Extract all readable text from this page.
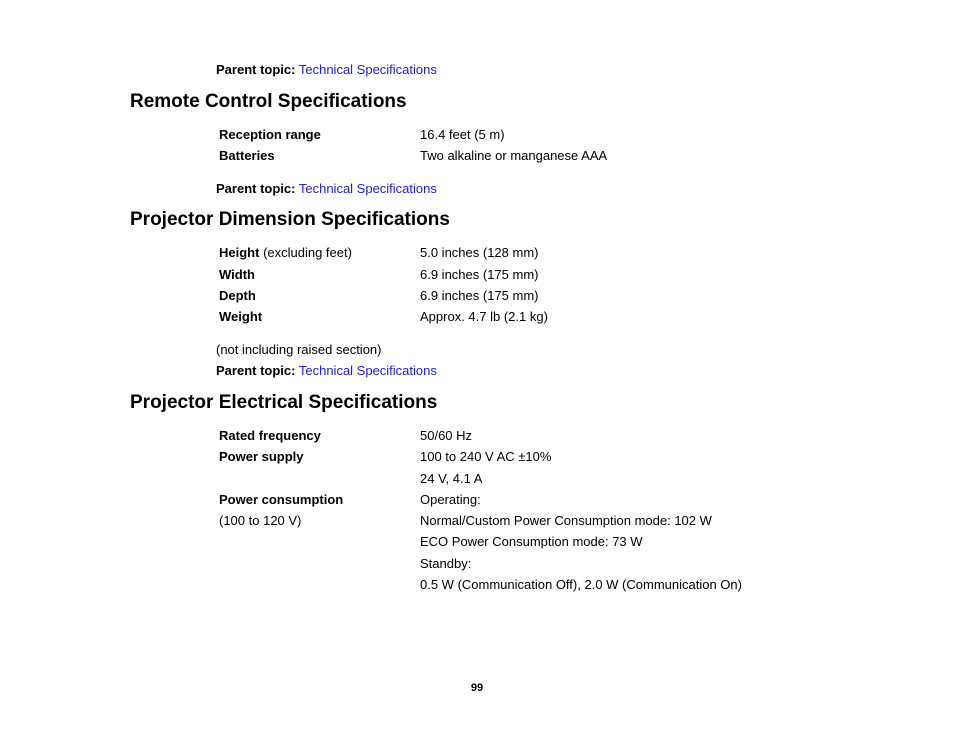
Parent topic: Technical Specifications
Remote Control Specifications
Reception range	16.4 feet (5 m)
Batteries	Two alkaline or manganese AAA
Parent topic: Technical Specifications
Projector Dimension Specifications
Height (excluding feet)	5.0 inches (128 mm)
Width	6.9 inches (175 mm)
Depth	6.9 inches (175 mm)
Weight	Approx. 4.7 lb (2.1 kg)
(not including raised section)
Parent topic: Technical Specifications
Projector Electrical Specifications
Rated frequency	50/60 Hz
Power supply	100 to 240 V AC ±10%
24 V, 4.1 A
Power consumption	Operating:
(100 to 120 V)	Normal/Custom Power Consumption mode: 102 W
ECO Power Consumption mode: 73 W
Standby:
0.5 W (Communication Off), 2.0 W (Communication On)
99
